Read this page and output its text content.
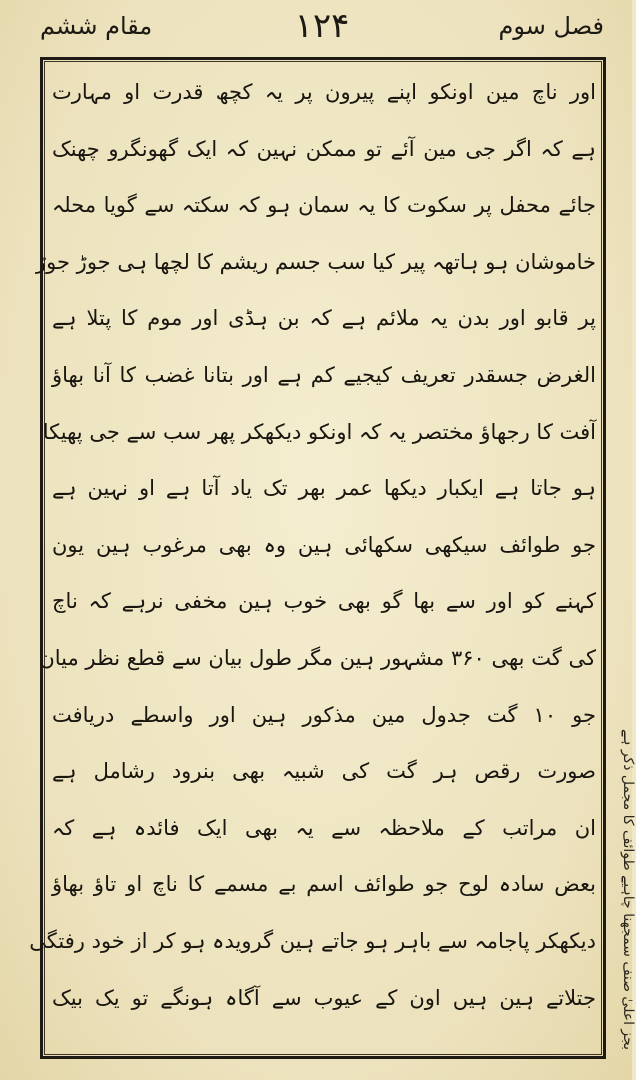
مقام ششم	۱۲۴	فصل سوم
اور ناچ مین اونکو اپنے پیرون پر یہ کچھ قدرت او مہارت
ہے کہ اگر جی مین آئے تو ممکن نہین کہ ایک گھونگرو چھنک
جائے محفل پر سکوت کا یہ سمان ہو کہ سکتہ سے گویا محلہ
خاموشان ہو ہاتھہ پیر کیا سب جسم ریشم کا لچھا ہی جوڑ جوڑ
پر قابو اور بدن یہ ملائم ہے کہ بن ہڈی اور موم کا پتلا ہے
الغرض جسقدر تعریف کیجیے کم ہے اور بتانا غضب کا آنا بھاؤ
آفت کا رجھاؤ مختصر یہ کہ اونکو دیکھکر پھر سب سے جی پھیکا
ہو جاتا ہے ایکبار دیکھا عمر بھر تک یاد آتا ہے او نہین ہے
جو طوائف سیکھی سکھائی ہین وہ بھی مرغوب ہین یون
کہنے کو اور سے بھا گو بھی خوب ہین مخفی نرہے کہ ناچ
کی گت بھی ۳۶۰ مشہور ہین مگر طول بیان سے قطع نظر میان
جو ۱۰ گت جدول مین مذکور ہین اور واسطے دریافت
صورت رقص ہر گت کی شبیہ بھی بنرود رشامل ہے
ان مراتب کے ملاحظہ سے یہ بھی ایک فائدہ ہے کہ
بعض سادہ لوح جو طوائف اسم بے مسمے کا ناچ او تاؤ بھاؤ
دیکھکر پاجامہ سے باہر ہو جاتے ہین گرویدہ ہو کر از خود رفتگی
جتلاتے ہین ہیں اون کے عیوب سے آگاہ ہونگے تو یک بیک بجز اعلیٰ صنف سمجھنا چاہیے طوائف کا مجمل ذکر ہے
